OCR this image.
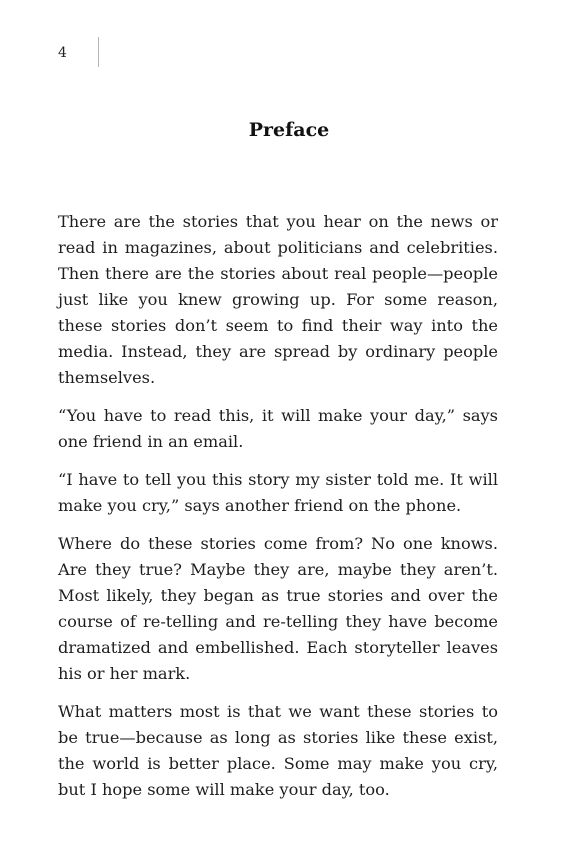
4
Preface

There are the stories that you hear on the news or read in magazines, about politicians and celebrities. Then there are the stories about real people—people just like you knew growing up. For some reason, these stories don’t seem to find their way into the media. Instead, they are spread by ordinary people themselves.

“You have to read this, it will make your day,” says one friend in an email.

“I have to tell you this story my sister told me. It will make you cry,” says another friend on the phone.

Where do these stories come from? No one knows. Are they true? Maybe they are, maybe they aren’t. Most likely, they began as true stories and over the course of re-telling and re-telling they have become dramatized and embellished. Each storyteller leaves his or her mark.

What matters most is that we want these stories to be true—because as long as stories like these exist, the world is better place. Some may make you cry, but I hope some will make your day, too.
